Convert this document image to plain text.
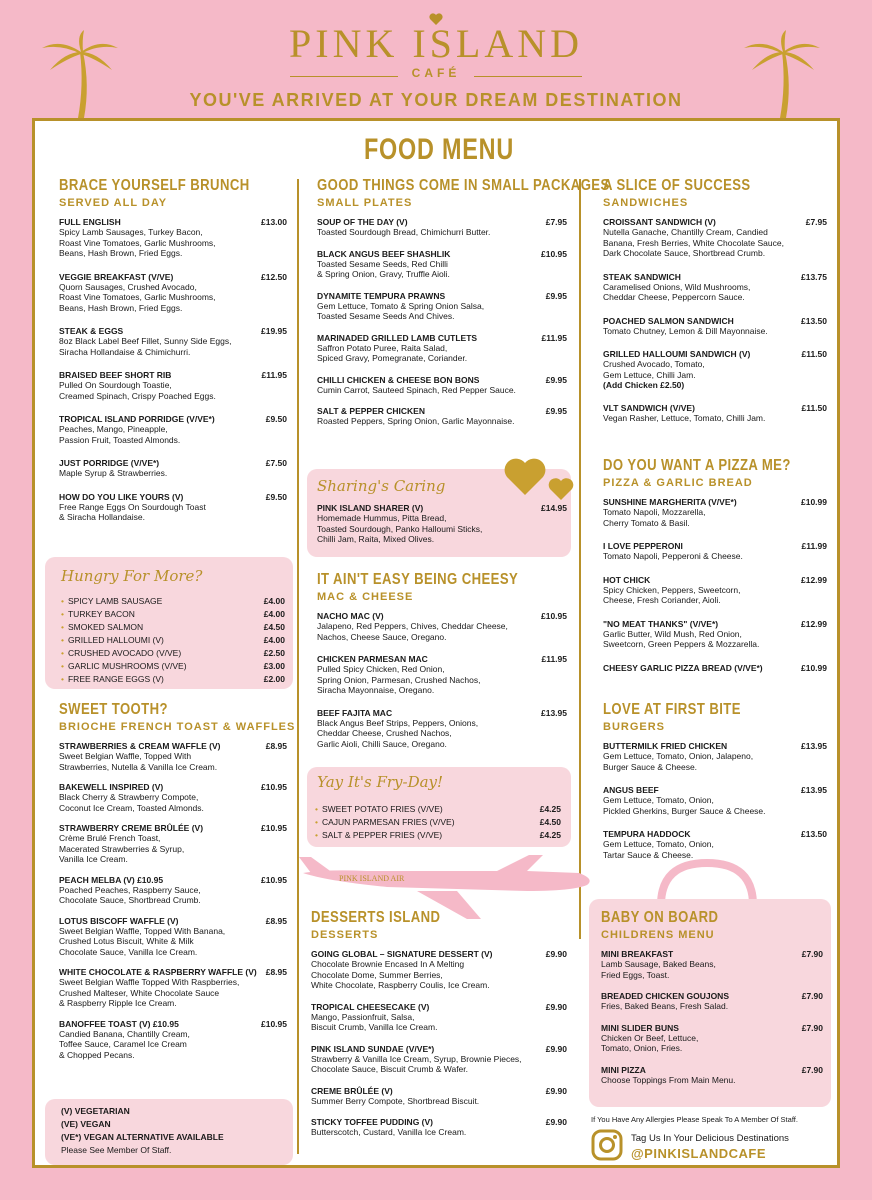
PINK ISLAND
CAFÉ
YOU'VE ARRIVED AT YOUR DREAM DESTINATION
FOOD MENU
BRACE YOURSELF BRUNCH
SERVED ALL DAY
FULL ENGLISH	£13.00
Spicy Lamb Sausages, Turkey Bacon,
Roast Vine Tomatoes, Garlic Mushrooms,
Beans, Hash Brown, Fried Eggs.
VEGGIE BREAKFAST (V/VE)	£12.50
Quorn Sausages, Crushed Avocado,
Roast Vine Tomatoes, Garlic Mushrooms,
Beans, Hash Brown, Fried Eggs.
STEAK & EGGS	£19.95
8oz Black Label Beef Fillet, Sunny Side Eggs,
Siracha Hollandaise & Chimichurri.
BRAISED BEEF SHORT RIB	£11.95
Pulled On Sourdough Toastie,
Creamed Spinach, Crispy Poached Eggs.
TROPICAL ISLAND PORRIDGE (V/VE*)	£9.50
Peaches, Mango, Pineapple,
Passion Fruit, Toasted Almonds.
JUST PORRIDGE (V/VE*)	£7.50
Maple Syrup & Strawberries.
HOW DO YOU LIKE YOURS (V)	£9.50
Free Range Eggs On Sourdough Toast
& Siracha Hollandaise.
Hungry For More?
• SPICY LAMB SAUSAGE	£4.00
• TURKEY BACON	£4.00
• SMOKED SALMON	£4.50
• GRILLED HALLOUMI (V)	£4.00
• CRUSHED AVOCADO (V/VE)	£2.50
• GARLIC MUSHROOMS (V/VE)	£3.00
• FREE RANGE EGGS (V)	£2.00
SWEET TOOTH?
BRIOCHE FRENCH TOAST & WAFFLES
STRAWBERRIES & CREAM WAFFLE (V)	£8.95
Sweet Belgian Waffle, Topped With
Strawberries, Nutella & Vanilla Ice Cream.
BAKEWELL INSPIRED (V)	£10.95
Black Cherry & Strawberry Compote,
Coconut Ice Cream, Toasted Almonds.
STRAWBERRY CREME BRÛLÉE (V)	£10.95
Crème Brulé French Toast,
Macerated Strawberries & Syrup,
Vanilla Ice Cream.
PEACH MELBA (V) £10.95	£10.95
Poached Peaches, Raspberry Sauce,
Chocolate Sauce, Shortbread Crumb.
LOTUS BISCOFF WAFFLE (V)	£8.95
Sweet Belgian Waffle, Topped With Banana,
Crushed Lotus Biscuit, White & Milk
Chocolate Sauce, Vanilla Ice Cream.
WHITE CHOCOLATE & RASPBERRY WAFFLE (V)	£8.95
Sweet Belgian Waffle Topped With Raspberries,
Crushed Malteser, White Chocolate Sauce
& Raspberry Ripple Ice Cream.
BANOFFEE TOAST (V) £10.95	£10.95
Candied Banana, Chantilly Cream,
Toffee Sauce, Caramel Ice Cream
& Chopped Pecans.
(V) VEGETARIAN
(VE) VEGAN
(VE*) VEGAN ALTERNATIVE AVAILABLE
Please See Member Of Staff.
GOOD THINGS COME IN SMALL PACKAGES
SMALL PLATES
SOUP OF THE DAY (V)	£7.95
Toasted Sourdough Bread, Chimichurri Butter.
BLACK ANGUS BEEF SHASHLIK	£10.95
Toasted Sesame Seeds, Red Chilli
& Spring Onion, Gravy, Truffle Aioli.
DYNAMITE TEMPURA PRAWNS	£9.95
Gem Lettuce, Tomato & Spring Onion Salsa,
Toasted Sesame Seeds And Chives.
MARINADED GRILLED LAMB CUTLETS	£11.95
Saffron Potato Puree, Raita Salad,
Spiced Gravy, Pomegranate, Coriander.
CHILLI CHICKEN & CHEESE BON BONS	£9.95
Cumin Carrot, Sauteed Spinach, Red Pepper Sauce.
SALT & PEPPER CHICKEN	£9.95
Roasted Peppers, Spring Onion, Garlic Mayonnaise.
Sharing's Caring
PINK ISLAND SHARER (V)	£14.95
Homemade Hummus, Pitta Bread,
Toasted Sourdough, Panko Halloumi Sticks,
Chilli Jam, Raita, Mixed Olives.
IT AIN'T EASY BEING CHEESY
MAC & CHEESE
NACHO MAC (V)	£10.95
Jalapeno, Red Peppers, Chives, Cheddar Cheese,
Nachos, Cheese Sauce, Oregano.
CHICKEN PARMESAN MAC	£11.95
Pulled Spicy Chicken, Red Onion,
Spring Onion, Parmesan, Crushed Nachos,
Siracha Mayonnaise, Oregano.
BEEF FAJITA MAC	£13.95
Black Angus Beef Strips, Peppers, Onions,
Cheddar Cheese, Crushed Nachos,
Garlic Aioli, Chilli Sauce, Oregano.
Yay It's Fry-Day!
• SWEET POTATO FRIES (V/VE)	£4.25
• CAJUN PARMESAN FRIES (V/VE)	£4.50
• SALT & PEPPER FRIES (V/VE)	£4.25
PINK ISLAND AIR
DESSERTS ISLAND
DESSERTS
GOING GLOBAL – SIGNATURE DESSERT (V)	£9.90
Chocolate Brownie Encased In A Melting
Chocolate Dome, Summer Berries,
White Chocolate, Raspberry Coulis, Ice Cream.
TROPICAL CHEESECAKE (V)	£9.90
Mango, Passionfruit, Salsa,
Biscuit Crumb, Vanilla Ice Cream.
PINK ISLAND SUNDAE (V/VE*)	£9.90
Strawberry & Vanilla Ice Cream, Syrup, Brownie Pieces,
Chocolate Sauce, Biscuit Crumb & Wafer.
CREME BRÛLÉE (V)	£9.90
Summer Berry Compote, Shortbread Biscuit.
STICKY TOFFEE PUDDING (V)	£9.90
Butterscotch, Custard, Vanilla Ice Cream.
A SLICE OF SUCCESS
SANDWICHES
CROISSANT SANDWICH (V)	£7.95
Nutella Ganache, Chantilly Cream, Candied
Banana, Fresh Berries, White Chocolate Sauce,
Dark Chocolate Sauce, Shortbread Crumb.
STEAK SANDWICH	£13.75
Caramelised Onions, Wild Mushrooms,
Cheddar Cheese, Peppercorn Sauce.
POACHED SALMON SANDWICH	£13.50
Tomato Chutney, Lemon & Dill Mayonnaise.
GRILLED HALLOUMI SANDWICH (V)	£11.50
Crushed Avocado, Tomato,
Gem Lettuce, Chilli Jam.
(Add Chicken £2.50)
VLT SANDWICH (V/VE)	£11.50
Vegan Rasher, Lettuce, Tomato, Chilli Jam.
DO YOU WANT A PIZZA ME?
PIZZA & GARLIC BREAD
SUNSHINE MARGHERITA (V/VE*)	£10.99
Tomato Napoli, Mozzarella,
Cherry Tomato & Basil.
I LOVE PEPPERONI	£11.99
Tomato Napoli, Pepperoni & Cheese.
HOT CHICK	£12.99
Spicy Chicken, Peppers, Sweetcorn,
Cheese, Fresh Coriander, Aioli.
"NO MEAT THANKS" (V/VE*)	£12.99
Garlic Butter, Wild Mush, Red Onion,
Sweetcorn, Green Peppers & Mozzarella.
CHEESY GARLIC PIZZA BREAD (V/VE*)	£10.99
LOVE AT FIRST BITE
BURGERS
BUTTERMILK FRIED CHICKEN	£13.95
Gem Lettuce, Tomato, Onion, Jalapeno,
Burger Sauce & Cheese.
ANGUS BEEF	£13.95
Gem Lettuce, Tomato, Onion,
Pickled Gherkins, Burger Sauce & Cheese.
TEMPURA HADDOCK	£13.50
Gem Lettuce, Tomato, Onion,
Tartar Sauce & Cheese.
BABY ON BOARD
CHILDRENS MENU
MINI BREAKFAST	£7.90
Lamb Sausage, Baked Beans,
Fried Eggs, Toast.
BREADED CHICKEN GOUJONS	£7.90
Fries, Baked Beans, Fresh Salad.
MINI SLIDER BUNS	£7.90
Chicken Or Beef, Lettuce,
Tomato, Onion, Fries.
MINI PIZZA	£7.90
Choose Toppings From Main Menu.
If You Have Any Allergies Please Speak To A Member Of Staff.
Tag Us In Your Delicious Destinations
@PINKISLANDCAFE
